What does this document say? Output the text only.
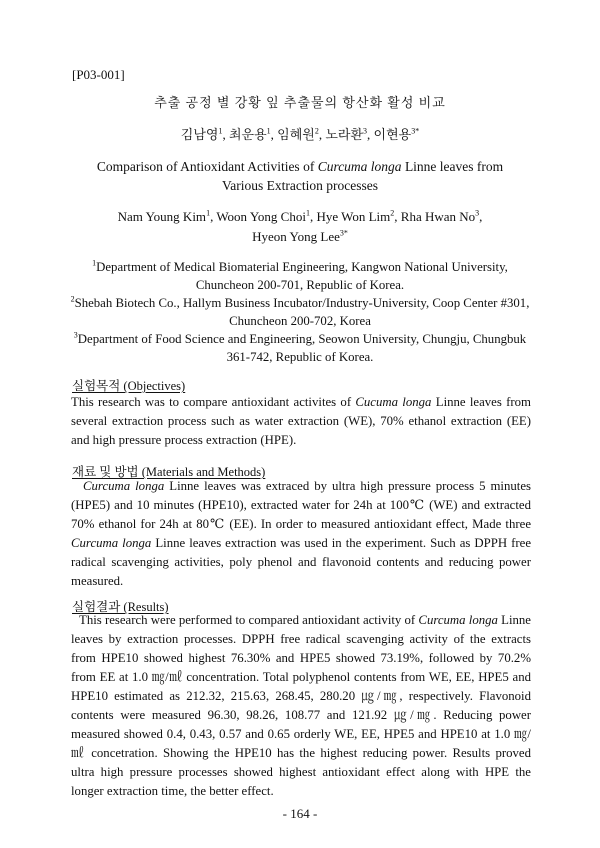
[P03-001]
추출 공정 별 강황 잎 추출물의 항산화 활성 비교
김남영$^1$, 최운용$^1$, 임혜원$^2$, 노라환$^3$, 이현용$^{3*}$
Comparison of Antioxidant Activities of Curcuma longa Linne leaves from
Various Extraction processes
Nam Young Kim$^1$, Woon Yong Choi$^1$, Hye Won Lim$^2$, Rha Hwan No$^3$,
Hyeon Yong Lee$^{3*}$
$^1$Department of Medical Biomaterial Engineering, Kangwon National University,
Chuncheon 200-701, Republic of Korea.
$^2$Shebah Biotech Co., Hallym Business Incubator/Industry-University, Coop Center #301,
Chuncheon 200-702, Korea
$^3$Department of Food Science and Engineering, Seowon University, Chungju, Chungbuk
361-742, Republic of Korea.
실험목적 (Objectives)
This research was to compare antioxidant activites of Cucuma longa Linne leaves from several extraction process such as water extraction (WE), 70% ethanol extraction (EE) and high pressure process extraction (HPE).
재료 및 방법 (Materials and Methods)
Curcuma longa Linne leaves was extraced by ultra high pressure process 5 minutes (HPE5) and 10 minutes (HPE10), extracted water for 24h at 100℃ (WE) and extracted 70% ethanol for 24h at 80℃ (EE). In order to measured antioxidant effect, Made three Curcuma longa Linne leaves extraction was used in the experiment. Such as DPPH free radical scavenging activities, poly phenol and flavonoid contents and reducing power measured.
실험결과 (Results)
This research were performed to compared antioxidant activity of Curcuma longa Linne leaves by extraction processes. DPPH free radical scavenging activity of the extracts from HPE10 showed highest 76.30% and HPE5 showed 73.19%, followed by 70.2% from EE at 1.0 ㎎/㎖ concentration. Total polyphenol contents from WE, EE, HPE5 and HPE10 estimated as 212.32, 215.63, 268.45, 280.20 ㎍/㎎, respectively. Flavonoid contents were measured 96.30, 98.26, 108.77 and 121.92 ㎍/㎎. Reducing power measured showed 0.4, 0.43, 0.57 and 0.65 orderly WE, EE, HPE5 and HPE10 at 1.0 ㎎/㎖ concetration. Showing the HPE10 has the highest reducing power. Results proved ultra high pressure processes showed highest antioxidant effect along with HPE the longer extraction time, the better effect.
- 164 -
